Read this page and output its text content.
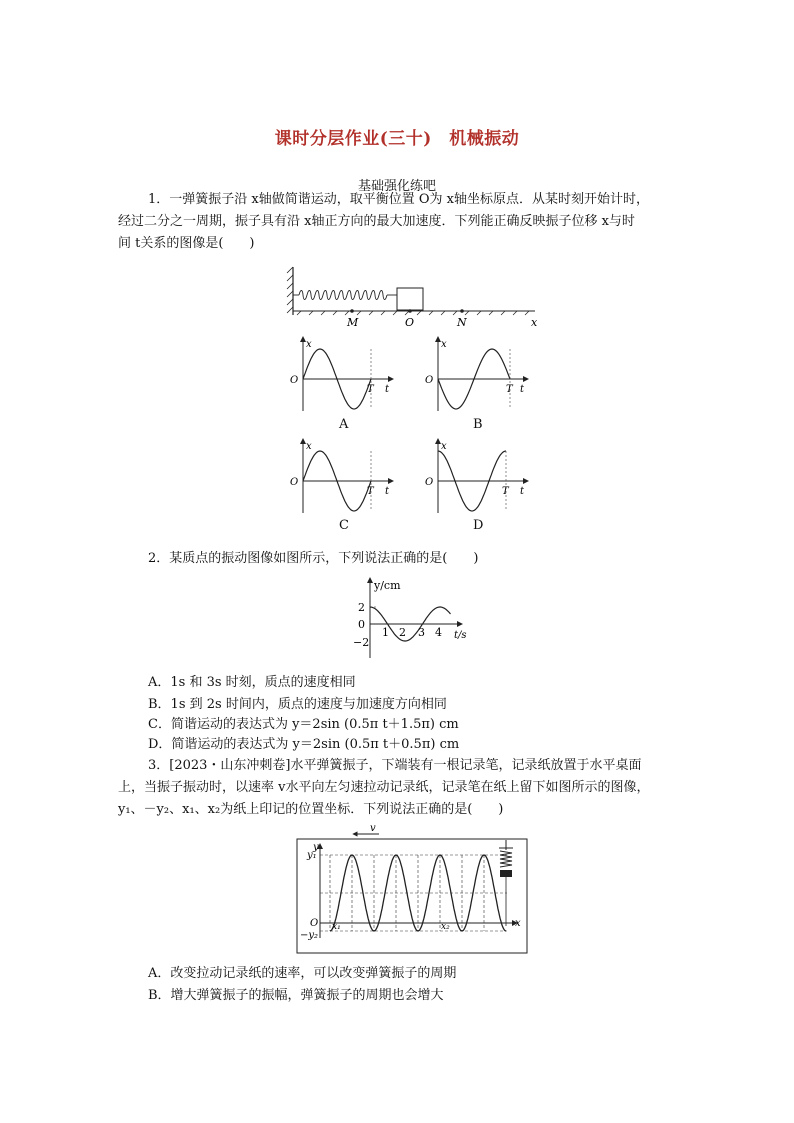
课时分层作业(三十)　机械振动
基础强化练吧
1．一弹簧振子沿 x轴做简谐运动，取平衡位置 O为 x轴坐标原点．从某时刻开始计时，
经过二分之一周期，振子具有沿 x轴正方向的最大加速度．下列能正确反映振子位移 x与时
间 t关系的图像是(　　)
M	O	N	x
x
O
T t
x
O
T t
x
O
T t
x
O
T t
A	B
C	D
2．某质点的振动图像如图所示，下列说法正确的是(　　)
y/cm
t/s
2
0
−2
1 2 3 4
A．1s 和 3s 时刻，质点的速度相同
B．1s 到 2s 时间内，质点的速度与加速度方向相同
C．简谐运动的表达式为 y＝2sin (0.5π t＋1.5π) cm
D．简谐运动的表达式为 y＝2sin (0.5π t＋0.5π) cm
3．[2023・山东冲刺卷]水平弹簧振子，下端装有一根记录笔，记录纸放置于水平桌面
上，当振子振动时，以速率 v水平向左匀速拉动记录纸，记录笔在纸上留下如图所示的图像，
y₁、－y₂、x₁、x₂为纸上印记的位置坐标．下列说法正确的是(　　)
v
y
y₁
O
−y₂
x₁	x₂	x
A．改变拉动记录纸的速率，可以改变弹簧振子的周期
B．增大弹簧振子的振幅，弹簧振子的周期也会增大
